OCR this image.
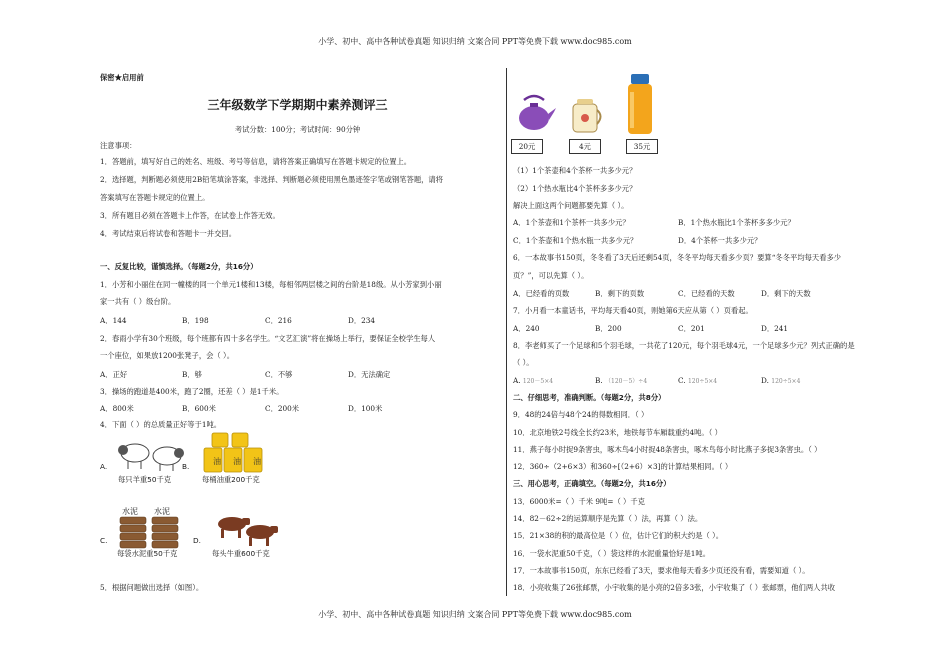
小学、初中、高中各种试卷真题 知识归纳 文案合同 PPT等免费下载 www.doc985.com
保密★启用前
三年级数学下学期期中素养测评三
考试分数：100分；考试时间：90分钟
注意事项：
1．答题前，填写好自己的姓名、班级、考号等信息，请将答案正确填写在答题卡规定的位置上。
2．选择题，判断题必须使用2B铅笔填涂答案，非选择、判断题必须使用黑色墨迹签字笔或钢笔答题，请将
答案填写在答题卡规定的位置上。
3．所有题目必须在答题卡上作答，在试卷上作答无效。
4．考试结束后将试卷和答题卡一并交回。
一、反复比较，谨慎选择。（每题2分，共16分）
1．小芳和小丽住在同一幢楼的同一个单元1楼和13楼，每相邻两层楼之间的台阶是18级。从小芳家到小丽
家一共有（ ）级台阶。
A．144	B．198	C．216	D．234
2．春雨小学有30个班级，每个班都有四十多名学生。“文艺汇演”将在操场上举行，要保证全校学生每人
一个座位，如果放1200张凳子，会（ ）。
A．正好	B．够	C．不够	D．无法确定
3．操场的跑道是400米，跑了2圈，还差（ ）是1千米。
A．800米	B．600米	C．200米	D．100米
4．下面（ ）的总质量正好等于1吨。
A.
每只羊重50千克
B.
油 油 油
每桶油重200千克
C.
水泥 水泥
每袋水泥重50千克
D.
每头牛重600千克
5．根据问题做出选择（如图）。
20元	4元	35元
（1）1个茶壶和4个茶杯一共多少元？
（2）1个热水瓶比4个茶杯多多少元？
解决上面这两个问题都要先算（ ）。
A．1个茶壶和1个茶杯一共多少元？	B．1个热水瓶比1个茶杯多多少元？
C．1个茶壶和1个热水瓶一共多少元？	D．4个茶杯一共多少元？
6．一本故事书150页，冬冬看了3天后还剩54页，冬冬平均每天看多少页？要算“冬冬平均每天看多少
页？”，可以先算（ ）。
A．已经看的页数	B．剩下的页数	C．已经看的天数	D．剩下的天数
7．小月看一本童话书，平均每天看40页，则她第6天应从第（ ）页看起。
A．240	B．200	C．201	D．241
8．李老师买了一个足球和5个羽毛球，一共花了120元，每个羽毛球4元，一个足球多少元？列式正确的是
（ ）。
A. 120－5×4	B. （120－5）÷4	C. 120÷5×4	D. 120÷5×4
二、仔细思考，准确判断。（每题2分，共8分）
9．48的24倍与48个24的得数相同．（ ）
10．北京地铁2号线全长约23米，地铁每节车厢载重约4吨。（ ）
11．燕子每小时捉9条害虫，啄木鸟4小时捉48条害虫，啄木鸟每小时比燕子多捉3条害虫。（ ）
12．360÷（2+6×3）和360÷[（2+6）×3]的计算结果相同。（ ）
三、用心思考，正确填空。（每题2分，共16分）
13．6000米=（ ）千米 9吨=（ ）千克
14．82－62÷2的运算顺序是先算（ ）法，再算（ ）法。
15．21×38的积的最高位是（ ）位，估计它们的积大约是（ ）。
16．一袋水泥重50千克，（ ）袋这样的水泥重量恰好是1吨。
17．一本故事书150页，东东已经看了3天，要求他每天看多少页还没有看，需要知道（ ）。
18．小亮收集了26张邮票，小宇收集的是小亮的2倍多3张，小宇收集了（ ）张邮票，他们两人共收
小学、初中、高中各种试卷真题 知识归纳 文案合同 PPT等免费下载 www.doc985.com
